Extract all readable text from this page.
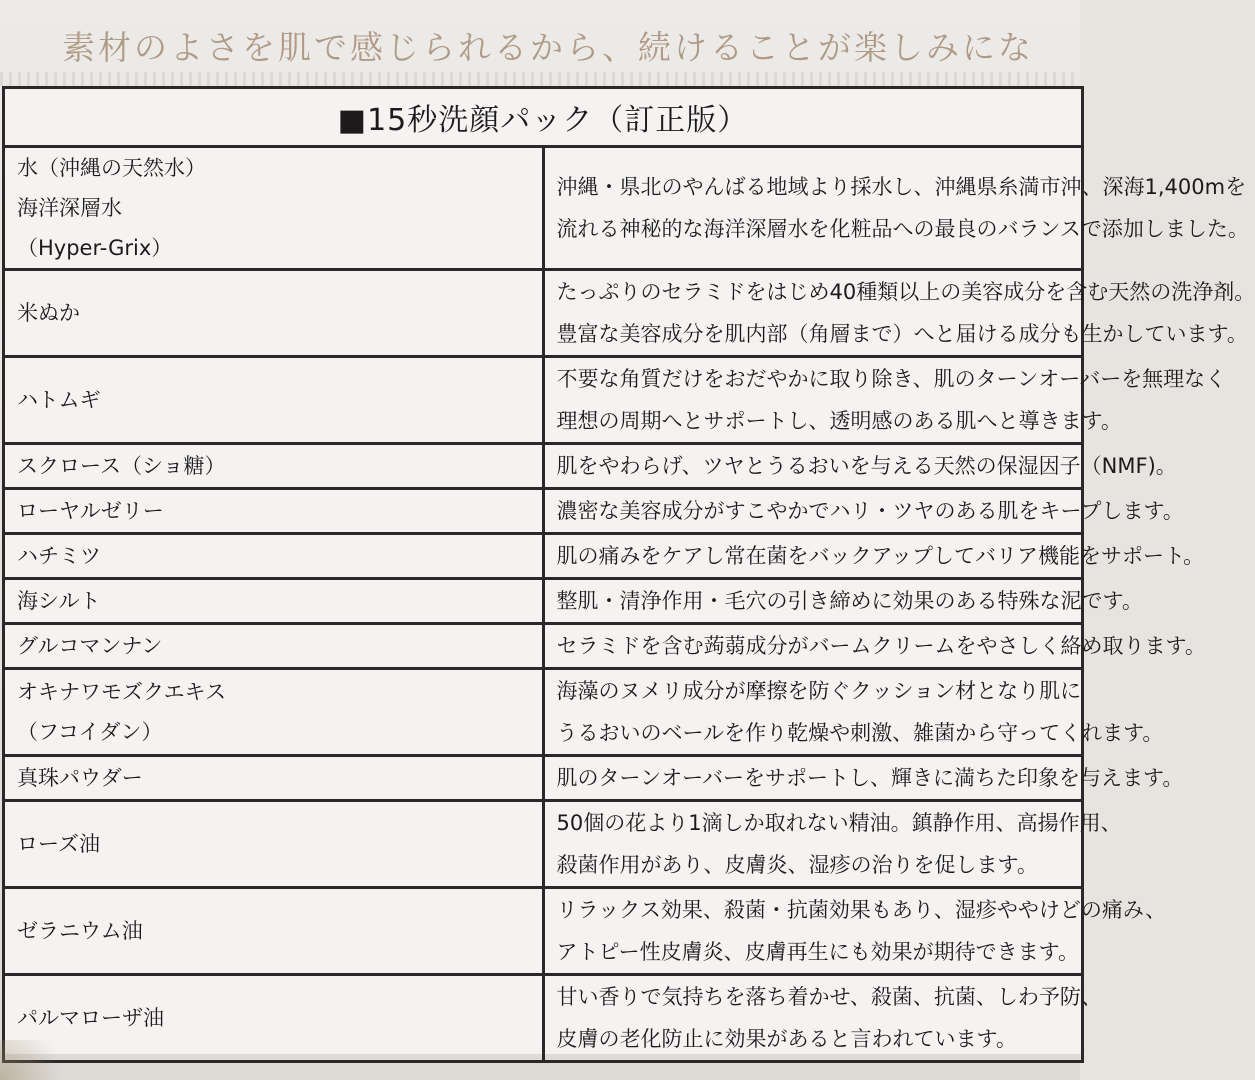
素材のよさを肌で感じられるから、続けることが楽しみにな
■15秒洗顔パック（訂正版）	

水（沖縄の天然水）
海洋深層水
（Hyper-Grix）	沖縄・県北のやんばる地域より採水し、沖縄県糸満市沖、深海1,400mを
流れる神秘的な海洋深層水を化粧品への最良のバランスで添加しました。

米ぬか	たっぷりのセラミドをはじめ40種類以上の美容成分を含む天然の洗浄剤。
豊富な美容成分を肌内部（角層まで）へと届ける成分も生かしています。

ハトムギ	不要な角質だけをおだやかに取り除き、肌のターンオーバーを無理なく
理想の周期へとサポートし、透明感のある肌へと導きます。

スクロース（ショ糖）	肌をやわらげ、ツヤとうるおいを与える天然の保湿因子（NMF)。

ローヤルゼリー	濃密な美容成分がすこやかでハリ・ツヤのある肌をキープします。

ハチミツ	肌の痛みをケアし常在菌をバックアップしてバリア機能をサポート。

海シルト	整肌・清浄作用・毛穴の引き締めに効果のある特殊な泥です。

グルコマンナン	セラミドを含む蒟蒻成分がバームクリームをやさしく絡め取ります。

オキナワモズクエキス
（フコイダン）	海藻のヌメリ成分が摩擦を防ぐクッション材となり肌に
うるおいのベールを作り乾燥や刺激、雑菌から守ってくれます。

真珠パウダー	肌のターンオーバーをサポートし、輝きに満ちた印象を与えます。

ローズ油	50個の花より1滴しか取れない精油。鎮静作用、高揚作用、
殺菌作用があり、皮膚炎、湿疹の治りを促します。

ゼラニウム油	リラックス効果、殺菌・抗菌効果もあり、湿疹ややけどの痛み、
アトピー性皮膚炎、皮膚再生にも効果が期待できます。

パルマローザ油	甘い香りで気持ちを落ち着かせ、殺菌、抗菌、しわ予防、
皮膚の老化防止に効果があると言われています。
